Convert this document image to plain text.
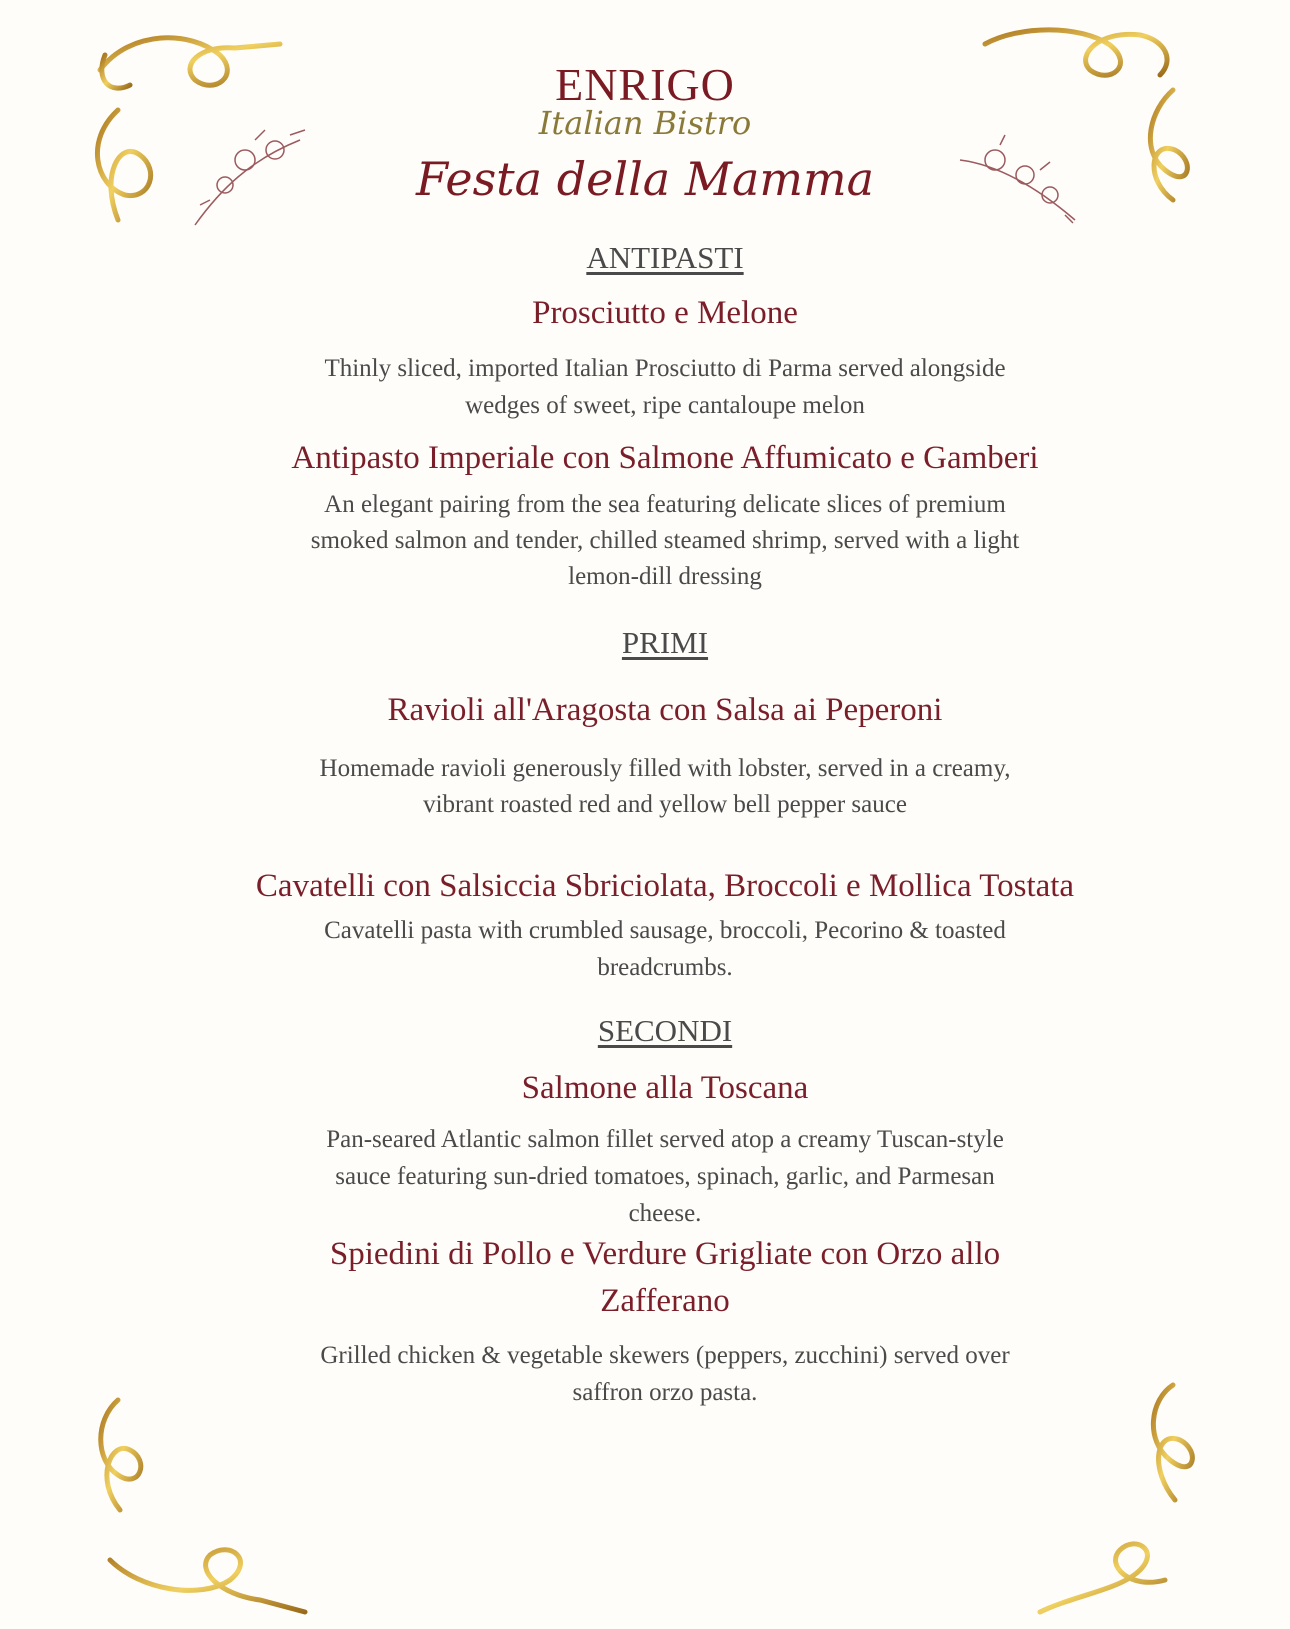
ENRIGO
Italian Bistro
Festa della Mamma
ANTIPASTI
Prosciutto e Melone
Thinly sliced, imported Italian Prosciutto di Parma served alongside
wedges of sweet, ripe cantaloupe melon
Antipasto Imperiale con Salmone Affumicato e Gamberi
An elegant pairing from the sea featuring delicate slices of premium
smoked salmon and tender, chilled steamed shrimp, served with a light
lemon-dill dressing
PRIMI
Ravioli all'Aragosta con Salsa ai Peperoni
Homemade ravioli generously filled with lobster, served in a creamy,
vibrant roasted red and yellow bell pepper sauce
Cavatelli con Salsiccia Sbriciolata, Broccoli e Mollica Tostata
Cavatelli pasta with crumbled sausage, broccoli, Pecorino & toasted
breadcrumbs.
SECONDI
Salmone alla Toscana
Pan-seared Atlantic salmon fillet served atop a creamy Tuscan-style
sauce featuring sun-dried tomatoes, spinach, garlic, and Parmesan
cheese.
Spiedini di Pollo e Verdure Grigliate con Orzo allo
Zafferano
Grilled chicken & vegetable skewers (peppers, zucchini) served over
saffron orzo pasta.
